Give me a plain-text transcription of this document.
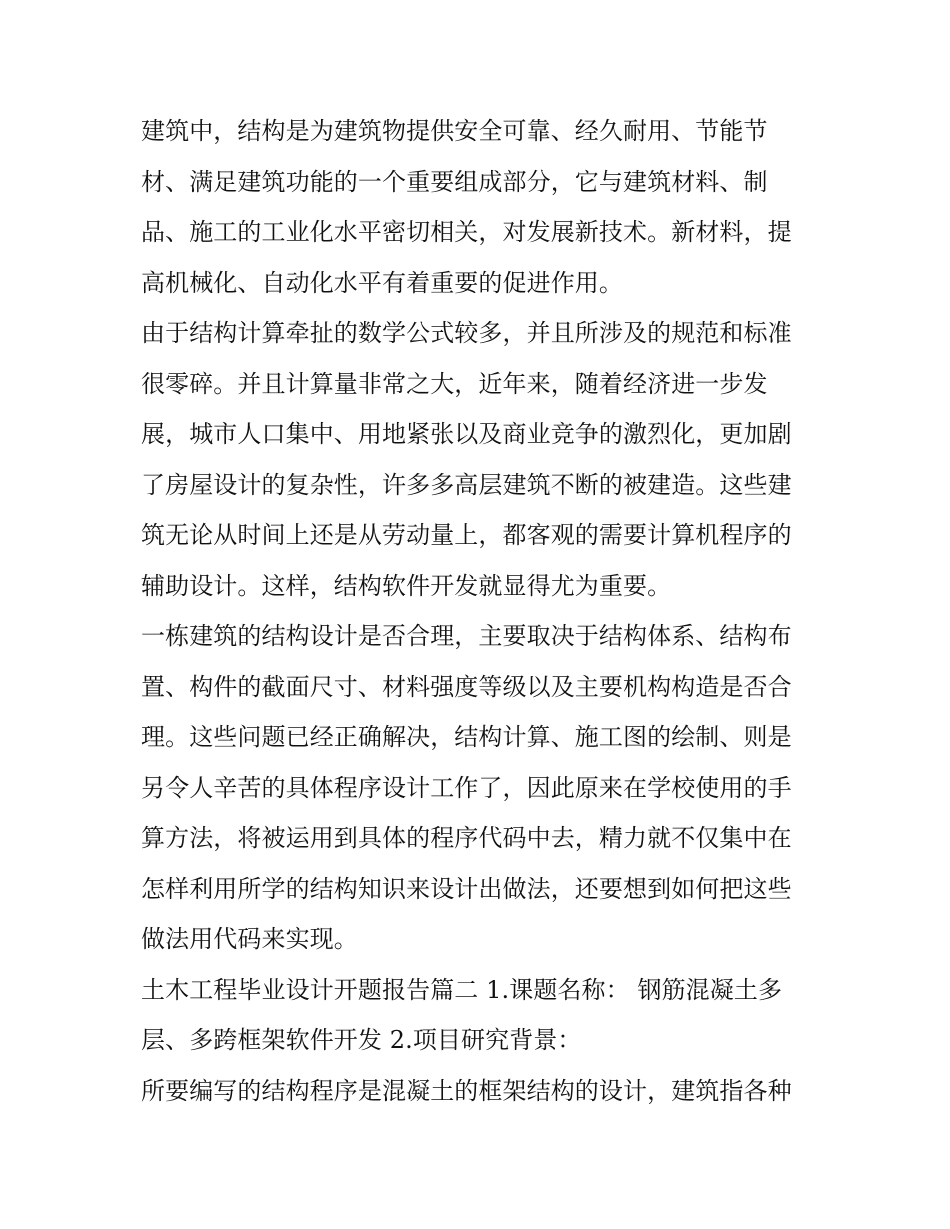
建筑中，结构是为建筑物提供安全可靠、经久耐用、节能节
材、满足建筑功能的一个重要组成部分，它与建筑材料、制
品、施工的工业化水平密切相关，对发展新技术。新材料，提
高机械化、自动化水平有着重要的促进作用。
由于结构计算牵扯的数学公式较多，并且所涉及的规范和标准
很零碎。并且计算量非常之大，近年来，随着经济进一步发
展，城市人口集中、用地紧张以及商业竞争的激烈化，更加剧
了房屋设计的复杂性，许多多高层建筑不断的被建造。这些建
筑无论从时间上还是从劳动量上，都客观的需要计算机程序的
辅助设计。这样，结构软件开发就显得尤为重要。
一栋建筑的结构设计是否合理，主要取决于结构体系、结构布
置、构件的截面尺寸、材料强度等级以及主要机构构造是否合
理。这些问题已经正确解决，结构计算、施工图的绘制、则是
另令人辛苦的具体程序设计工作了，因此原来在学校使用的手
算方法，将被运用到具体的程序代码中去，精力就不仅集中在
怎样利用所学的结构知识来设计出做法，还要想到如何把这些
做法用代码来实现。
土木工程毕业设计开题报告篇二 1.课题名称： 钢筋混凝土多
层、多跨框架软件开发 2.项目研究背景：
所要编写的结构程序是混凝土的框架结构的设计，建筑指各种
